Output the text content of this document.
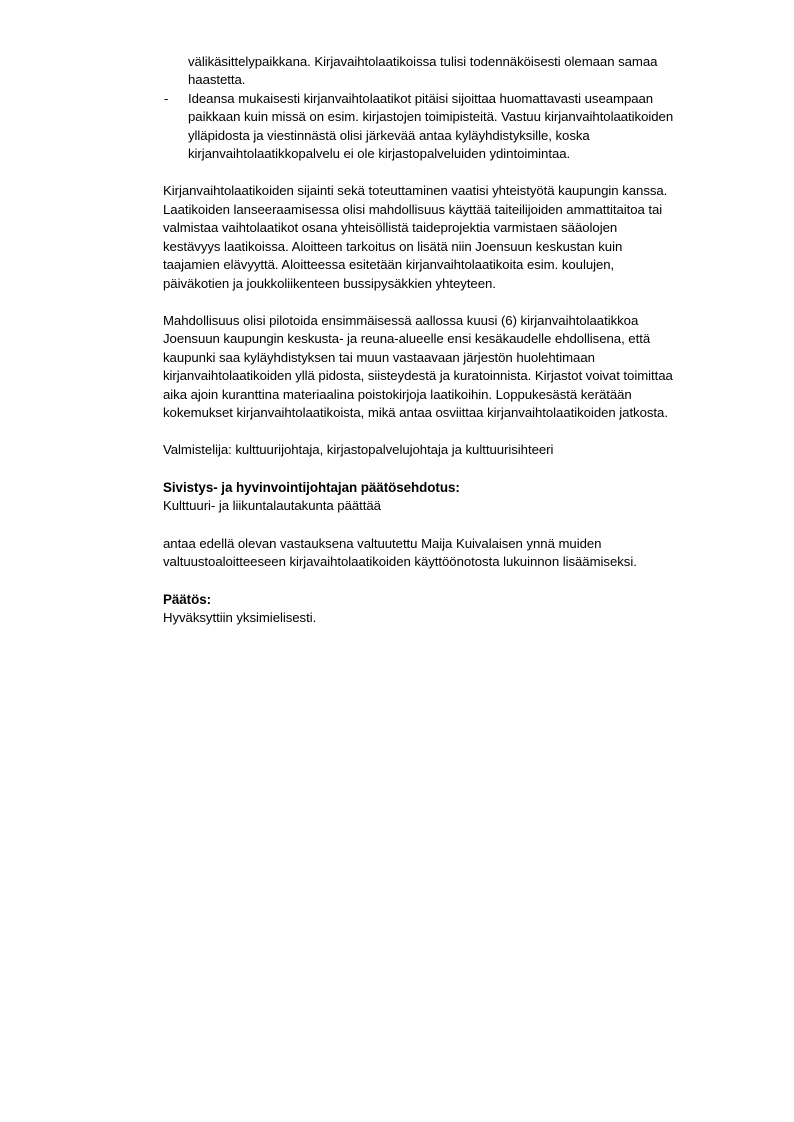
välikäsittelypaikkana. Kirjavaihtolaatikoissa tulisi todennäköisesti olemaan samaa
haastetta.
- Ideansa mukaisesti kirjanvaihtolaatikot pitäisi sijoittaa huomattavasti useampaan
paikkaan kuin missä on esim. kirjastojen toimipisteitä. Vastuu kirjanvaihtolaatikoiden
ylläpidosta ja viestinnästä olisi järkevää antaa kyläyhdistyksille, koska
kirjanvaihtolaatikkopalvelu ei ole kirjastopalveluiden ydintoimintaa.
Kirjanvaihtolaatikoiden sijainti sekä toteuttaminen vaatisi yhteistyötä kaupungin kanssa.
Laatikoiden lanseeraamisessa olisi mahdollisuus käyttää taiteilijoiden ammattitaitoa tai
valmistaa vaihtolaatikot osana yhteisöllistä taideprojektia varmistaen sääolojen
kestävyys laatikoissa. Aloitteen tarkoitus on lisätä niin Joensuun keskustan kuin
taajamien elävyyttä. Aloitteessa esitetään kirjanvaihtolaatikoita esim. koulujen,
päiväkotien ja joukkoliikenteen bussipysäkkien yhteyteen.
Mahdollisuus olisi pilotoida ensimmäisessä aallossa kuusi (6) kirjanvaihtolaatikkoa
Joensuun kaupungin keskusta- ja reuna-alueelle ensi kesäkaudelle ehdollisena, että
kaupunki saa kyläyhdistyksen tai muun vastaavaan järjestön huolehtimaan
kirjanvaihtolaatikoiden yllä pidosta, siisteydestä ja kuratoinnista. Kirjastot voivat toimittaa
aika ajoin kuranttina materiaalina poistokirjoja laatikoihin. Loppukesästä kerätään
kokemukset kirjanvaihtolaatikoista, mikä antaa osviittaa kirjanvaihtolaatikoiden jatkosta.
Valmistelija: kulttuurijohtaja, kirjastopalvelujohtaja ja kulttuurisihteeri
Sivistys- ja hyvinvointijohtajan päätösehdotus:
Kulttuuri- ja liikuntalautakunta päättää
antaa edellä olevan vastauksena valtuutettu Maija Kuivalaisen ynnä muiden
valtuustoaloitteeseen kirjavaihtolaatikoiden käyttöönotosta lukuinnon lisäämiseksi.
Päätös:
Hyväksyttiin yksimielisesti.
